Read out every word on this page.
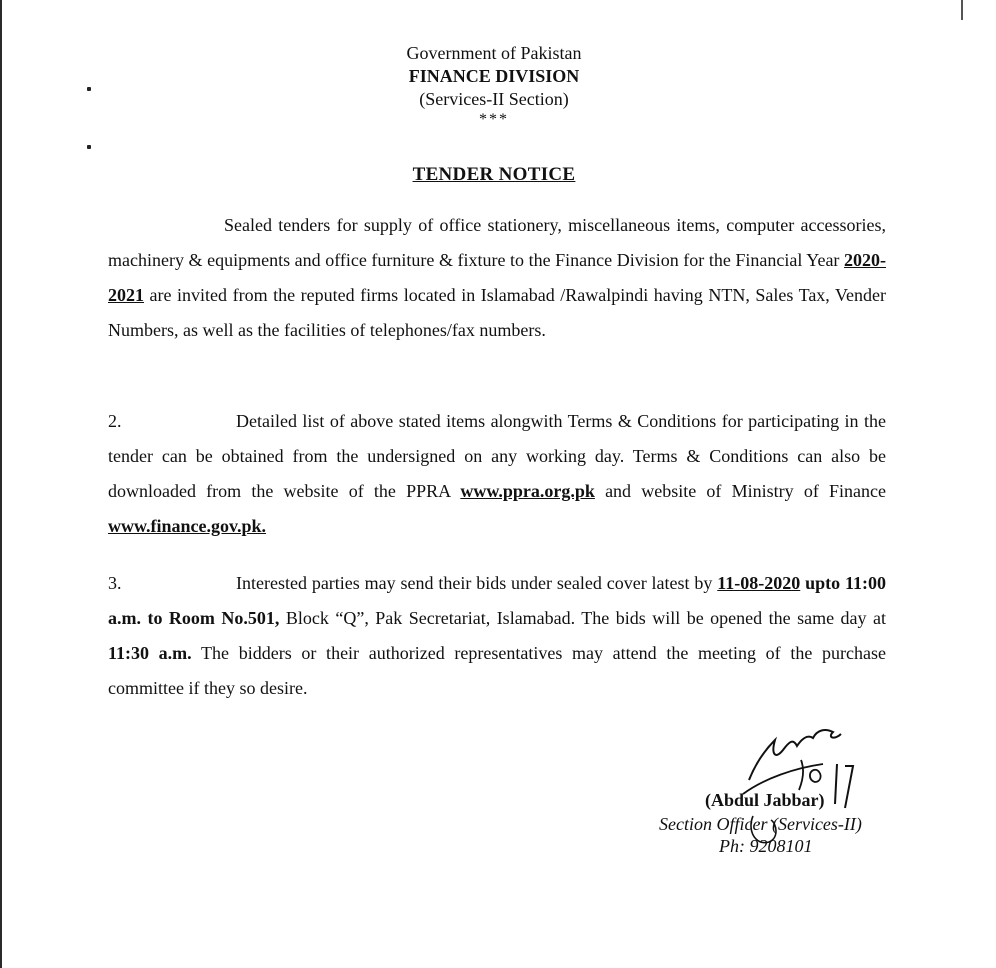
Government of Pakistan
FINANCE DIVISION
(Services-II Section)
***
TENDER NOTICE
Sealed tenders for supply of office stationery, miscellaneous items, computer accessories, machinery & equipments and office furniture & fixture to the Finance Division for the Financial Year 2020-2021 are invited from the reputed firms located in Islamabad /Rawalpindi having NTN, Sales Tax, Vender Numbers, as well as the facilities of telephones/fax numbers.
2.	Detailed list of above stated items alongwith Terms & Conditions for participating in the tender can be obtained from the undersigned on any working day. Terms & Conditions can also be downloaded from the website of the PPRA www.ppra.org.pk and website of Ministry of Finance www.finance.gov.pk.
3.	Interested parties may send their bids under sealed cover latest by 11-08-2020 upto 11:00 a.m. to Room No.501, Block “Q”, Pak Secretariat, Islamabad. The bids will be opened the same day at 11:30 a.m. The bidders or their authorized representatives may attend the meeting of the purchase committee if they so desire.
(Abdul Jabbar)
Section Officer (Services-II)
Ph: 9208101
